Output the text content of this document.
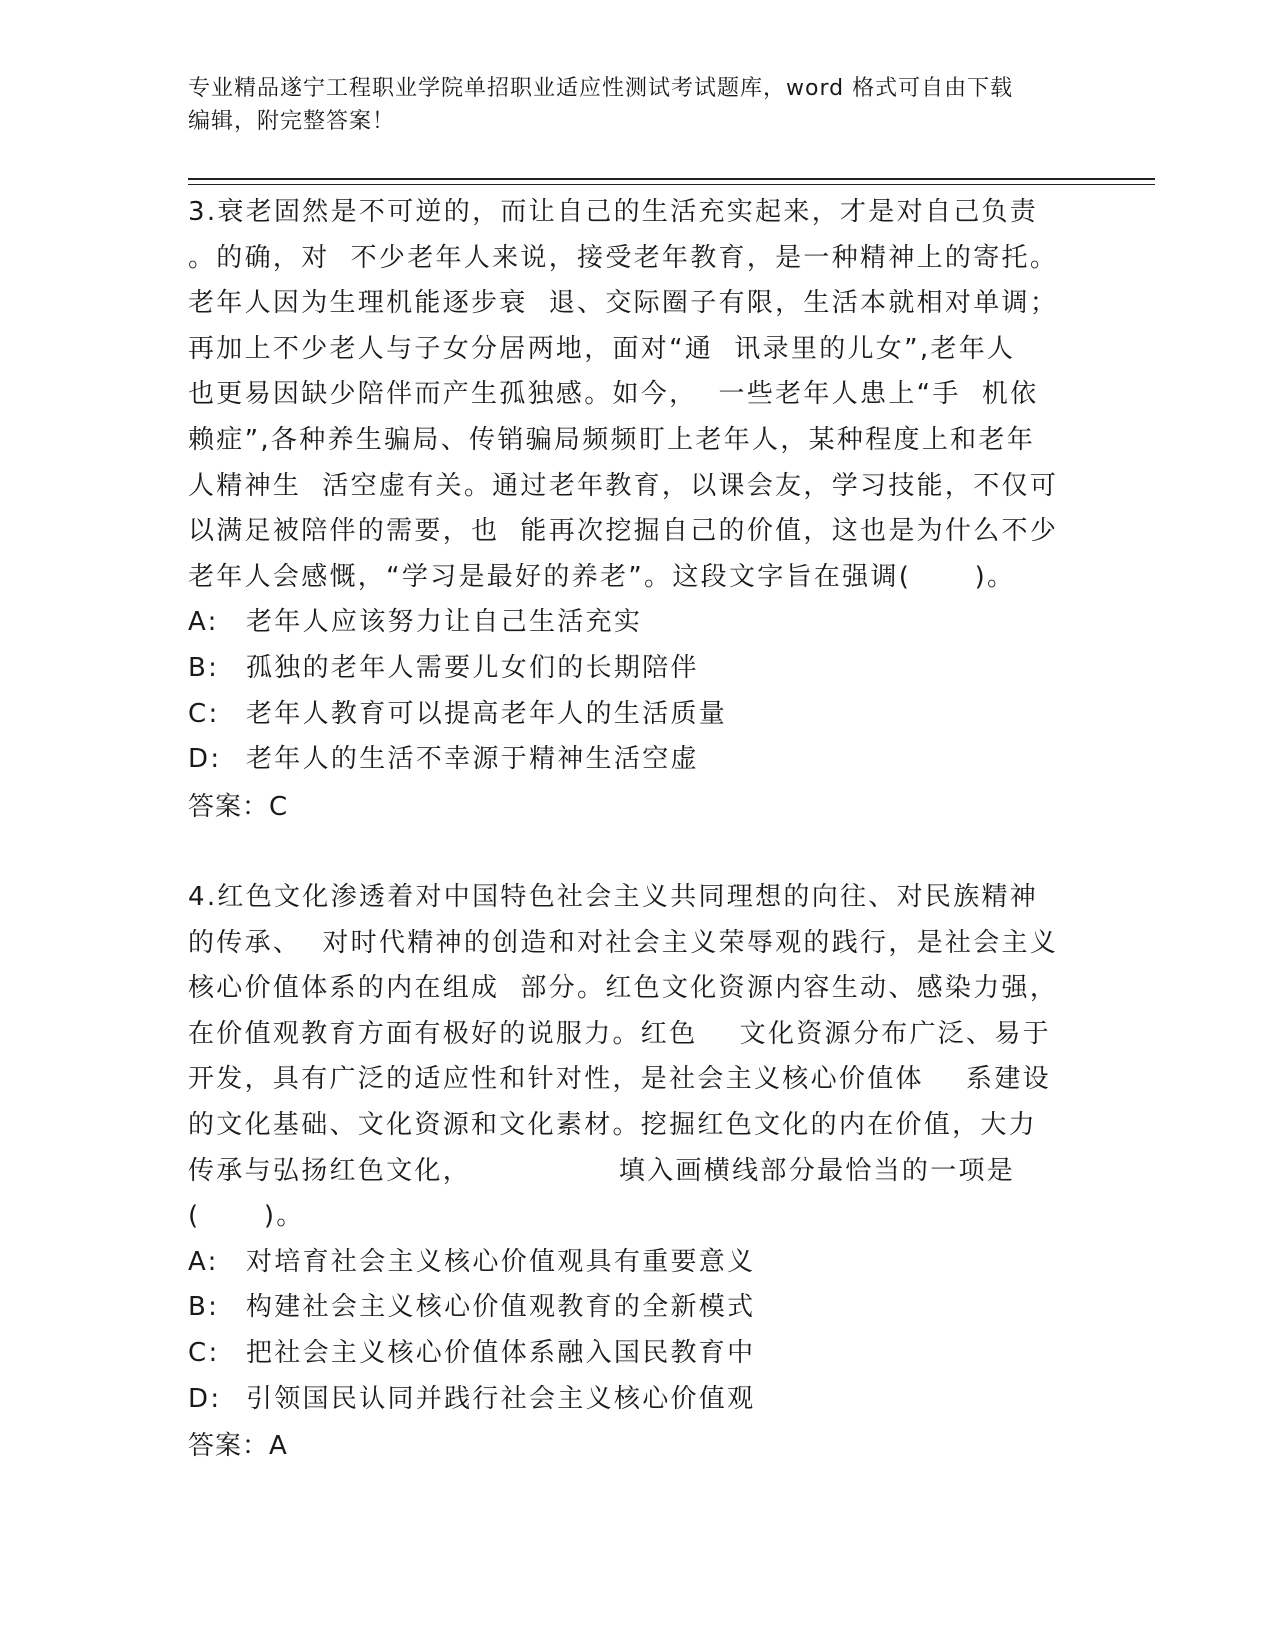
专业精品遂宁工程职业学院单招职业适应性测试考试题库，word 格式可自由下载
编辑，附完整答案！
3.衰老固然是不可逆的，而让自己的生活充实起来，才是对自己负责
。的确，对  不少老年人来说，接受老年教育，是一种精神上的寄托。
老年人因为生理机能逐步衰  退、交际圈子有限，生活本就相对单调；
再加上不少老人与子女分居两地，面对“通  讯录里的儿女”,老年人
也更易因缺少陪伴而产生孤独感。如今，  一些老年人患上“手  机依
赖症”,各种养生骗局、传销骗局频频盯上老年人，某种程度上和老年
人精神生  活空虚有关。通过老年教育，以课会友，学习技能，不仅可
以满足被陪伴的需要，也  能再次挖掘自己的价值，这也是为什么不少
老年人会感慨，“学习是最好的养老”。这段文字旨在强调(      )。
A: 老年人应该努力让自己生活充实
B: 孤独的老年人需要儿女们的长期陪伴
C: 老年人教育可以提高老年人的生活质量
D: 老年人的生活不幸源于精神生活空虚
答案：C
4.红色文化渗透着对中国特色社会主义共同理想的向往、对民族精神
的传承、  对时代精神的创造和对社会主义荣辱观的践行，是社会主义
核心价值体系的内在组成  部分。红色文化资源内容生动、感染力强，
在价值观教育方面有极好的说服力。红色    文化资源分布广泛、易于
开发，具有广泛的适应性和针对性，是社会主义核心价值体    系建设
的文化基础、文化资源和文化素材。挖掘红色文化的内在价值，大力
传承与弘扬红色文化，              填入画横线部分最恰当的一项是
(      )。
A: 对培育社会主义核心价值观具有重要意义
B: 构建社会主义核心价值观教育的全新模式
C: 把社会主义核心价值体系融入国民教育中
D: 引领国民认同并践行社会主义核心价值观
答案：A
